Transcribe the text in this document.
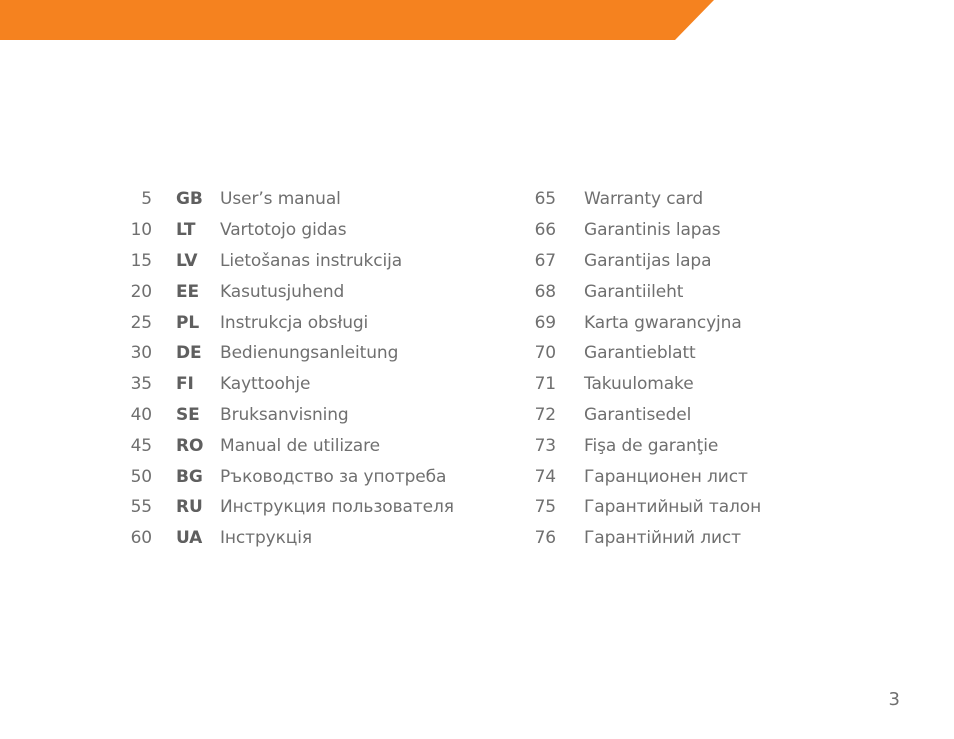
5	GB	User’s manual
10	LT	Vartotojo gidas
15	LV	Lietošanas instrukcija
20	EE	Kasutusjuhend
25	PL	Instrukcja obsługi
30	DE	Bedienungsanleitung
35	FI	Kayttoohje
40	SE	Bruksanvisning
45	RO Manual de utilizare
50	BG	Ръководство за употреба
55	RU	Инструкция пользователя
60	UA	Інструкція
65	Warranty card
66	Garantinis lapas
67	Garantijas lapa
68	Garantiileht
69	Karta gwarancyjna
70	Garantieblatt
71	Takuulomake
72	Garantisedel
73	Fişa de garanţie
74	Гаранционен лист
75	Гарантийный талон
76	Гарантійний лист
3
